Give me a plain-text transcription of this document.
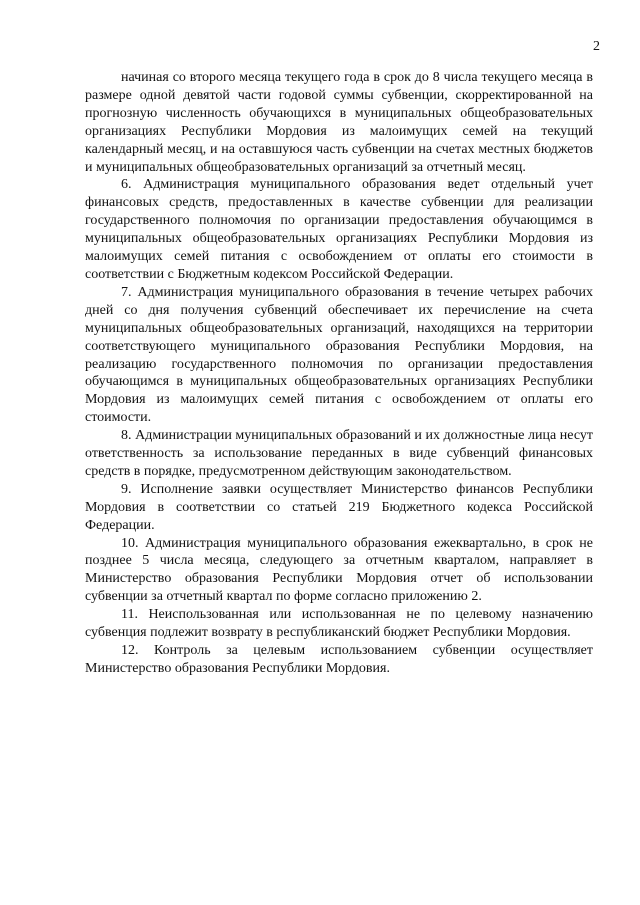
2

начиная со второго месяца текущего года в срок до 8 числа текущего месяца в размере одной девятой части годовой суммы субвенции, скорректированной на прогнозную численность обучающихся в муниципальных общеобразовательных организациях Республики Мордовия из малоимущих семей на текущий календарный месяц, и на оставшуюся часть субвенции на счетах местных бюджетов и муниципальных общеобразовательных организаций за отчетный месяц.

6. Администрация муниципального образования ведет отдельный учет финансовых средств, предоставленных в качестве субвенции для реализации государственного полномочия по организации предоставления обучающимся в муниципальных общеобразовательных организациях Республики Мордовия из малоимущих семей питания с освобождением от оплаты его стоимости в соответствии с Бюджетным кодексом Российской Федерации.

7. Администрация муниципального образования в течение четырех рабочих дней со дня получения субвенций обеспечивает их перечисление на счета муниципальных общеобразовательных организаций, находящихся на территории соответствующего муниципального образования Республики Мордовия, на реализацию государственного полномочия по организации предоставления обучающимся в муниципальных общеобразовательных организациях Республики Мордовия из малоимущих семей питания с освобождением от оплаты его стоимости.

8. Администрации муниципальных образований и их должностные лица несут ответственность за использование переданных в виде субвенций финансовых средств в порядке, предусмотренном действующим законодательством.

9. Исполнение заявки осуществляет Министерство финансов Республики Мордовия в соответствии со статьей 219 Бюджетного кодекса Российской Федерации.

10. Администрация муниципального образования ежеквартально, в срок не позднее 5 числа месяца, следующего за отчетным кварталом, направляет в Министерство образования Республики Мордовия отчет об использовании субвенции за отчетный квартал по форме согласно приложению 2.

11. Неиспользованная или использованная не по целевому назначению субвенция подлежит возврату в республиканский бюджет Республики Мордовия.

12. Контроль за целевым использованием субвенции осуществляет Министерство образования Республики Мордовия.
